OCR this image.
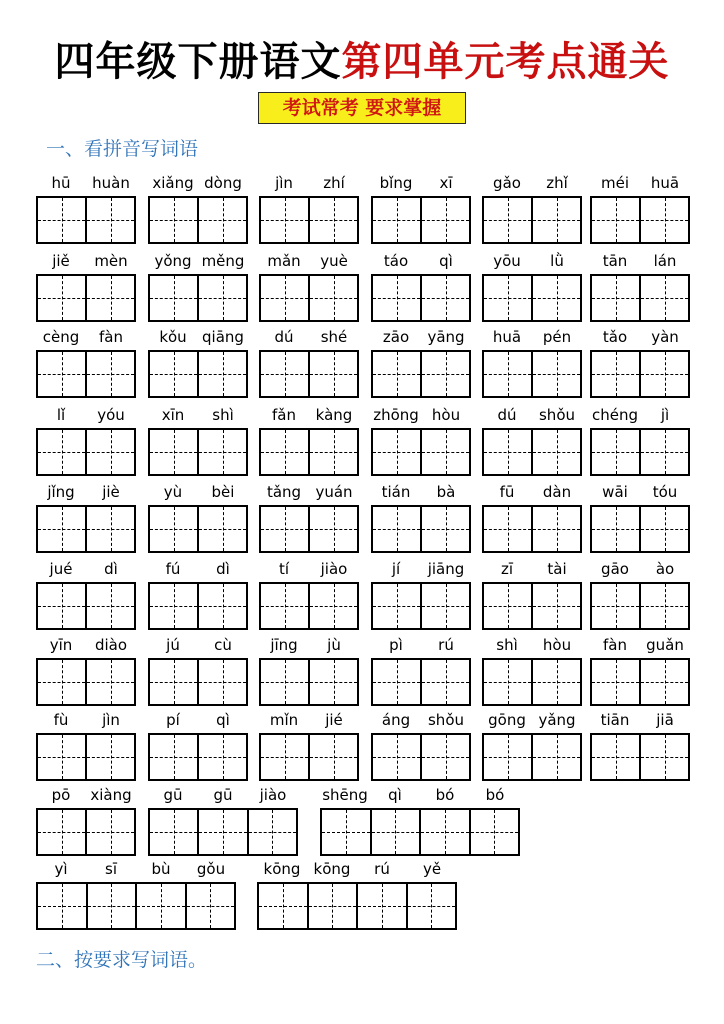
四年级下册语文第四单元考点通关
考试常考 要求掌握
一、看拼音写词语
hū huàn xiǎng dòng jìn zhí bǐng xī	gǎo zhǐ méi huā
jiě mèn yǒng měng mǎn yuè táo qì	yōu lǜ	tān lán
cèng fàn kǒu qiāng dú shé zāo yāng huā pén tǎo yàn
lǐ yóu xīn shì	fǎn kàng zhōng hòu dú shǒu chéng jì
jǐng jiè	yù bèi tǎng yuán tián bà	fū dàn wāi tóu
jué dì	fú dì	tí jiào	jí jiāng zī tài gāo ào
yīn diào	jú cù	jīng jù	pì rú	shì hòu fàn guǎn
fù jìn	pí qì	mǐn jié	áng shǒu gōng yǎng tiān jiā
pō xiàng gū gū jiào shēng qì bó bó
yì sī bù gǒu	kōng kōng rú yě
二、按要求写词语。
